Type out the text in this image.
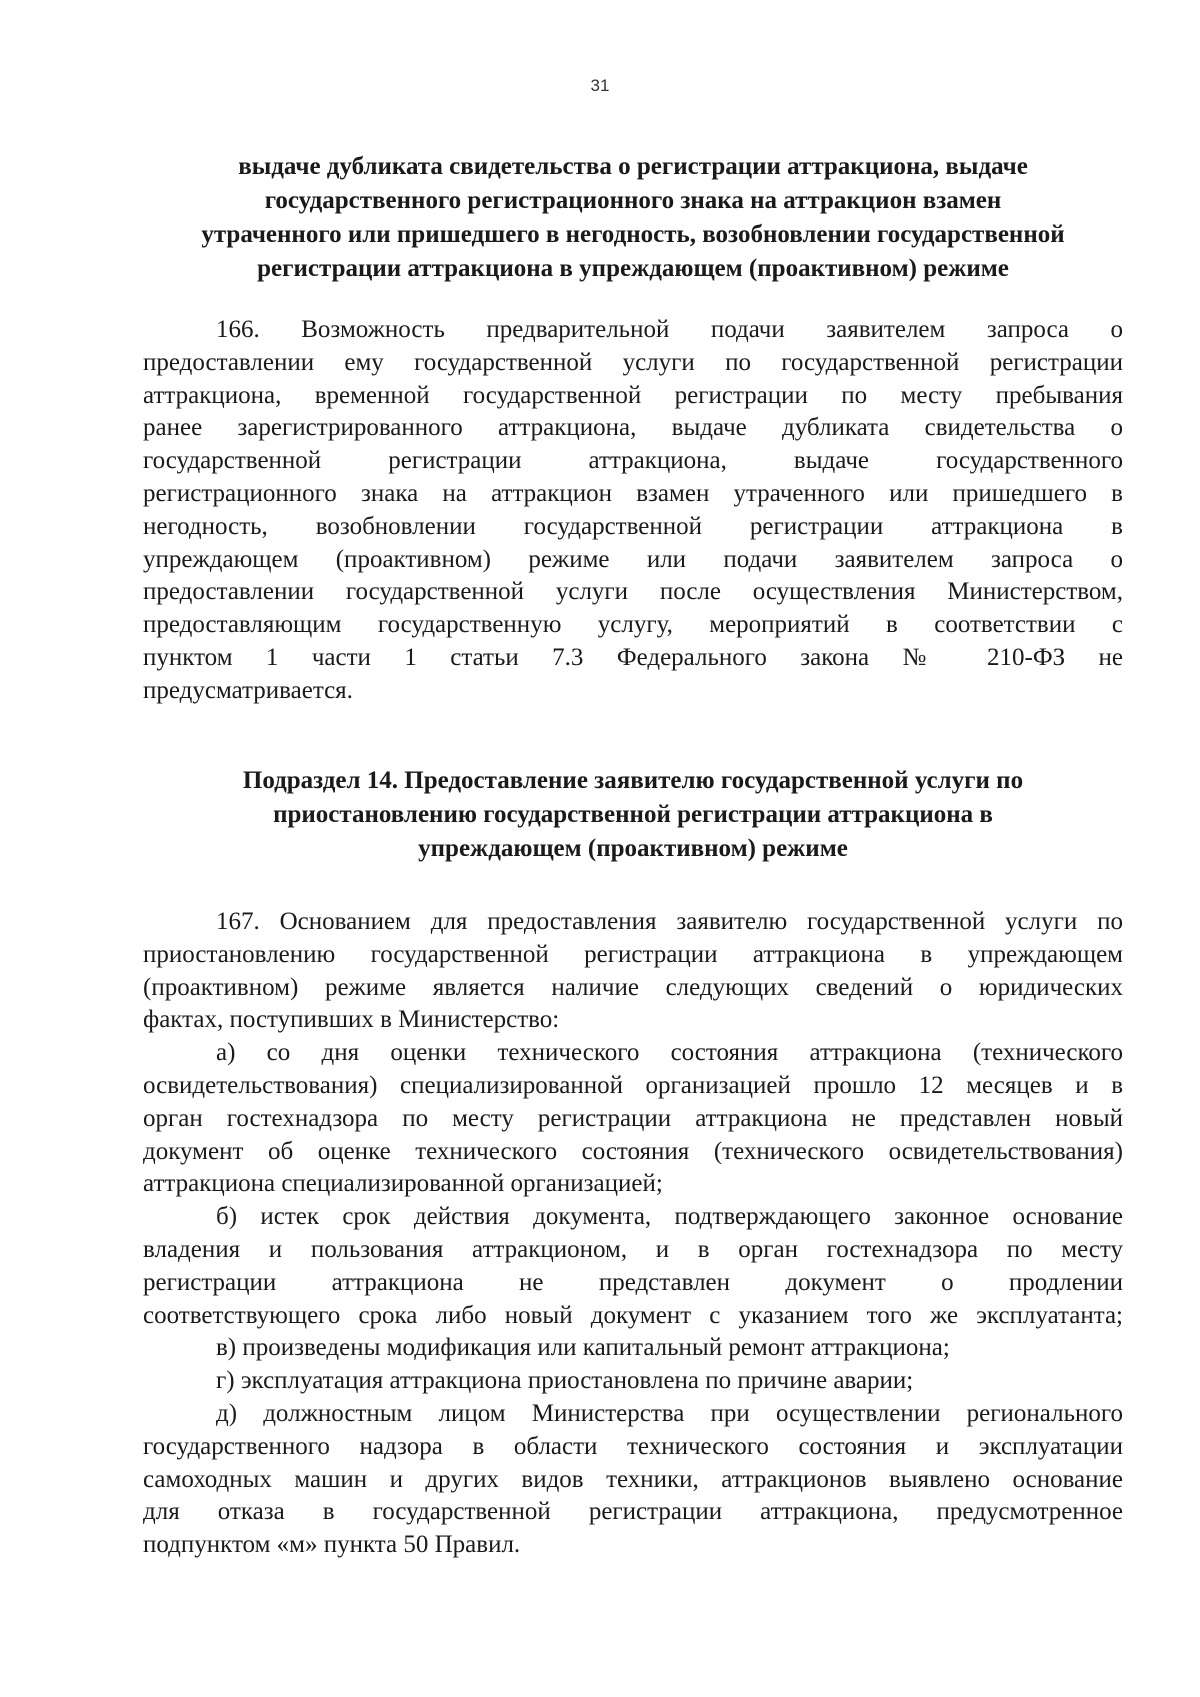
31
выдаче дубликата свидетельства о регистрации аттракциона, выдаче
государственного регистрационного знака на аттракцион взамен
утраченного или пришедшего в негодность, возобновлении государственной
регистрации аттракциона в упреждающем (проактивном) режиме
166. Возможность предварительной подачи заявителем запроса о
предоставлении ему государственной услуги по государственной регистрации
аттракциона, временной государственной регистрации по месту пребывания
ранее зарегистрированного аттракциона, выдаче дубликата свидетельства о
государственной регистрации аттракциона, выдаче государственного
регистрационного знака на аттракцион взамен утраченного или пришедшего в
негодность, возобновлении государственной регистрации аттракциона в
упреждающем (проактивном) режиме или подачи заявителем запроса о
предоставлении государственной услуги после осуществления Министерством,
предоставляющим государственную услугу, мероприятий в соответствии с
пунктом 1 части 1 статьи 7.3 Федерального закона № 210-ФЗ не
предусматривается.
Подраздел 14. Предоставление заявителю государственной услуги по
приостановлению государственной регистрации аттракциона в
упреждающем (проактивном) режиме
167. Основанием для предоставления заявителю государственной услуги по
приостановлению государственной регистрации аттракциона в упреждающем
(проактивном) режиме является наличие следующих сведений о юридических
фактах, поступивших в Министерство:
а) со дня оценки технического состояния аттракциона (технического
освидетельствования) специализированной организацией прошло 12 месяцев и в
орган гостехнадзора по месту регистрации аттракциона не представлен новый
документ об оценке технического состояния (технического освидетельствования)
аттракциона специализированной организацией;
б) истек срок действия документа, подтверждающего законное основание
владения и пользования аттракционом, и в орган гостехнадзора по месту
регистрации аттракциона не представлен документ о продлении
соответствующего срока либо новый документ с указанием того же эксплуатанта;
в) произведены модификация или капитальный ремонт аттракциона;
г) эксплуатация аттракциона приостановлена по причине аварии;
д) должностным лицом Министерства при осуществлении регионального
государственного надзора в области технического состояния и эксплуатации
самоходных машин и других видов техники, аттракционов выявлено основание
для отказа в государственной регистрации аттракциона, предусмотренное
подпунктом «м» пункта 50 Правил.
